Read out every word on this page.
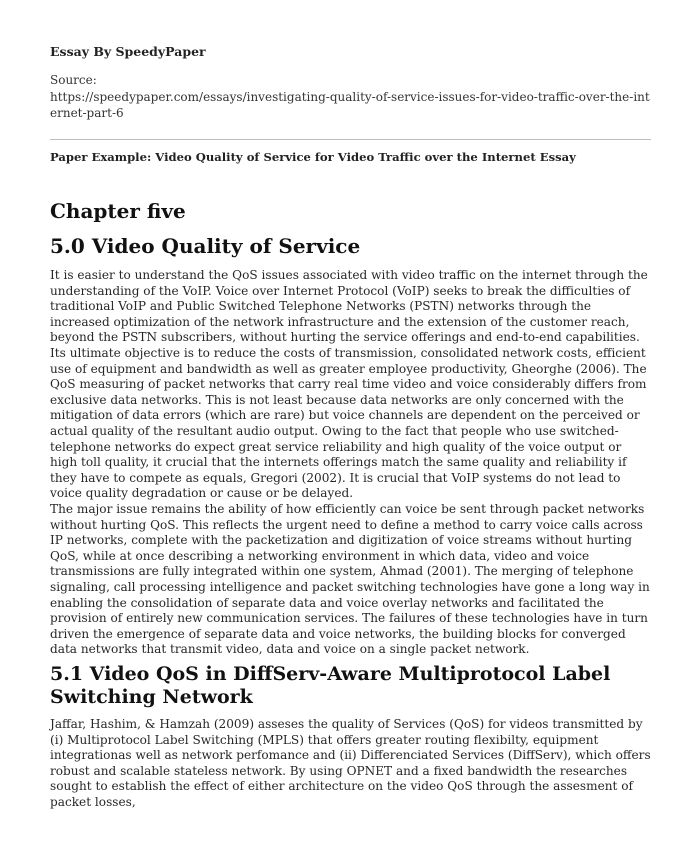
Essay By SpeedyPaper
Source:
https://speedypaper.com/essays/investigating-quality-of-service-issues-for-video-traffic-over-the-internet-part-6
Paper Example: Video Quality of Service for Video Traffic over the Internet Essay
Chapter five
5.0 Video Quality of Service

It is easier to understand the QoS issues associated with video traffic on the internet through the understanding of the VoIP. Voice over Internet Protocol (VoIP) seeks to break the difficulties of traditional VoIP and Public Switched Telephone Networks (PSTN) networks through the increased optimization of the network infrastructure and the extension of the customer reach, beyond the PSTN subscribers, without hurting the service offerings and end-to-end capabilities. Its ultimate objective is to reduce the costs of transmission, consolidated network costs, efficient use of equipment and bandwidth as well as greater employee productivity, Gheorghe (2006). The QoS measuring of packet networks that carry real time video and voice considerably differs from exclusive data networks. This is not least because data networks are only concerned with the mitigation of data errors (which are rare) but voice channels are dependent on the perceived or actual quality of the resultant audio output. Owing to the fact that people who use switched-telephone networks do expect great service reliability and high quality of the voice output or high toll quality, it crucial that the internets offerings match the same quality and reliability if they have to compete as equals, Gregori (2002). It is crucial that VoIP systems do not lead to voice quality degradation or cause or be delayed.

The major issue remains the ability of how efficiently can voice be sent through packet networks without hurting QoS. This reflects the urgent need to define a method to carry voice calls across IP networks, complete with the packetization and digitization of voice streams without hurting QoS, while at once describing a networking environment in which data, video and voice transmissions are fully integrated within one system, Ahmad (2001). The merging of telephone signaling, call processing intelligence and packet switching technologies have gone a long way in enabling the consolidation of separate data and voice overlay networks and facilitated the provision of entirely new communication services. The failures of these technologies have in turn driven the emergence of separate data and voice networks, the building blocks for converged data networks that transmit video, data and voice on a single packet network.

5.1 Video QoS in DiffServ-Aware Multiprotocol Label Switching Network

Jaffar, Hashim, & Hamzah (2009) asseses the quality of Services (QoS) for videos transmitted by (i) Multiprotocol Label Switching (MPLS) that offers greater routing flexibilty, equipment integrationas well as network perfomance and (ii) Differenciated Services (DiffServ), which offers robust and scalable stateless network. By using OPNET and a fixed bandwidth the researches sought to establish the effect of either architecture on the video QoS through the assesment of packet losses,
